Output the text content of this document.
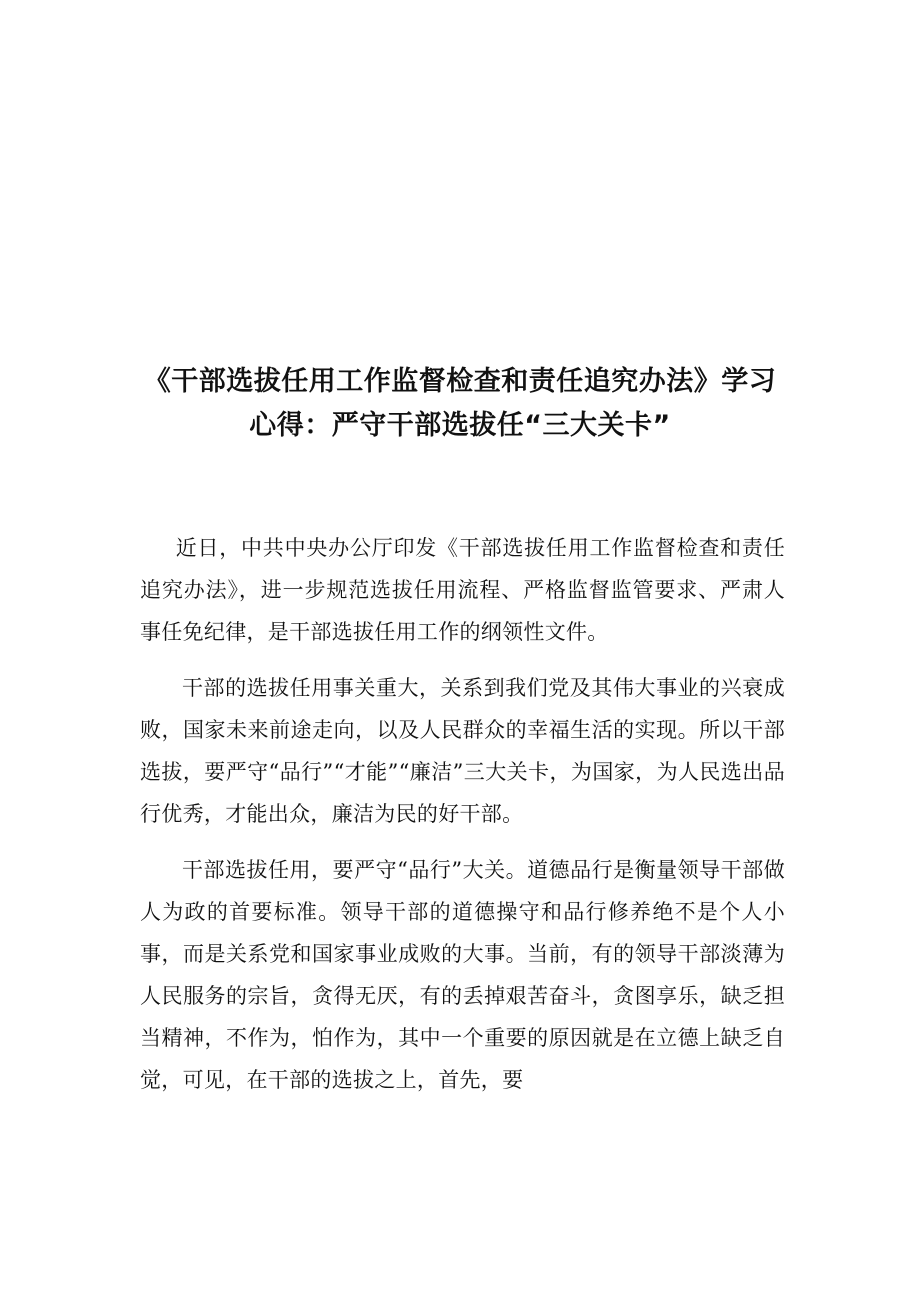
《干部选拔任用工作监督检查和责任追究办法》学习
心得：严守干部选拔任“三大关卡”

近日，中共中央办公厅印发《干部选拔任用工作监督检查和责任追究办法》，进一步规范选拔任用流程、严格监督监管要求、严肃人事任免纪律，是干部选拔任用工作的纲领性文件。

干部的选拔任用事关重大，关系到我们党及其伟大事业的兴衰成败，国家未来前途走向，以及人民群众的幸福生活的实现。所以干部选拔，要严守“品行”“才能”“廉洁”三大关卡，为国家，为人民选出品行优秀，才能出众，廉洁为民的好干部。

干部选拔任用，要严守“品行”大关。道德品行是衡量领导干部做人为政的首要标准。领导干部的道德操守和品行修养绝不是个人小事，而是关系党和国家事业成败的大事。当前，有的领导干部淡薄为人民服务的宗旨，贪得无厌，有的丢掉艰苦奋斗，贪图享乐，缺乏担当精神，不作为，怕作为，其中一个重要的原因就是在立德上缺乏自觉，可见，在干部的选拔之上，首先，要
